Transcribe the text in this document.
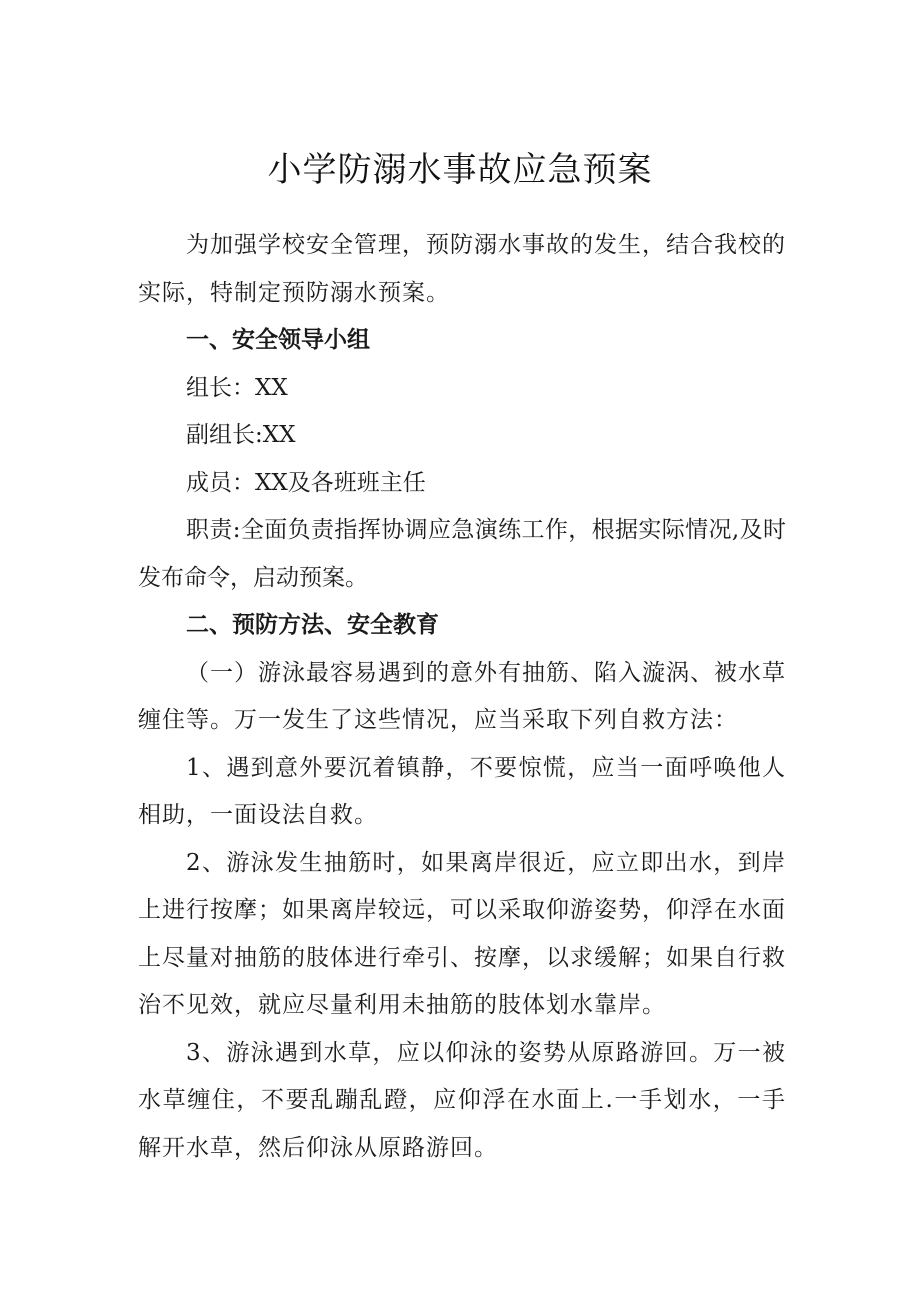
小学防溺水事故应急预案

为加强学校安全管理，预防溺水事故的发生，结合我校的实际，特制定预防溺水预案。

一、安全领导小组

组长：XX

副组长:XX

成员：XX及各班班主任

职责:全面负责指挥协调应急演练工作，根据实际情况,及时发布命令，启动预案。

二、预防方法、安全教育

（一）游泳最容易遇到的意外有抽筋、陷入漩涡、被水草缠住等。万一发生了这些情况，应当采取下列自救方法：

1、遇到意外要沉着镇静，不要惊慌，应当一面呼唤他人相助，一面设法自救。

2、游泳发生抽筋时，如果离岸很近，应立即出水，到岸上进行按摩；如果离岸较远，可以采取仰游姿势，仰浮在水面上尽量对抽筋的肢体进行牵引、按摩，以求缓解；如果自行救治不见效，就应尽量利用未抽筋的肢体划水靠岸。

3、游泳遇到水草，应以仰泳的姿势从原路游回。万一被水草缠住，不要乱蹦乱蹬，应仰浮在水面上.一手划水，一手解开水草，然后仰泳从原路游回。
